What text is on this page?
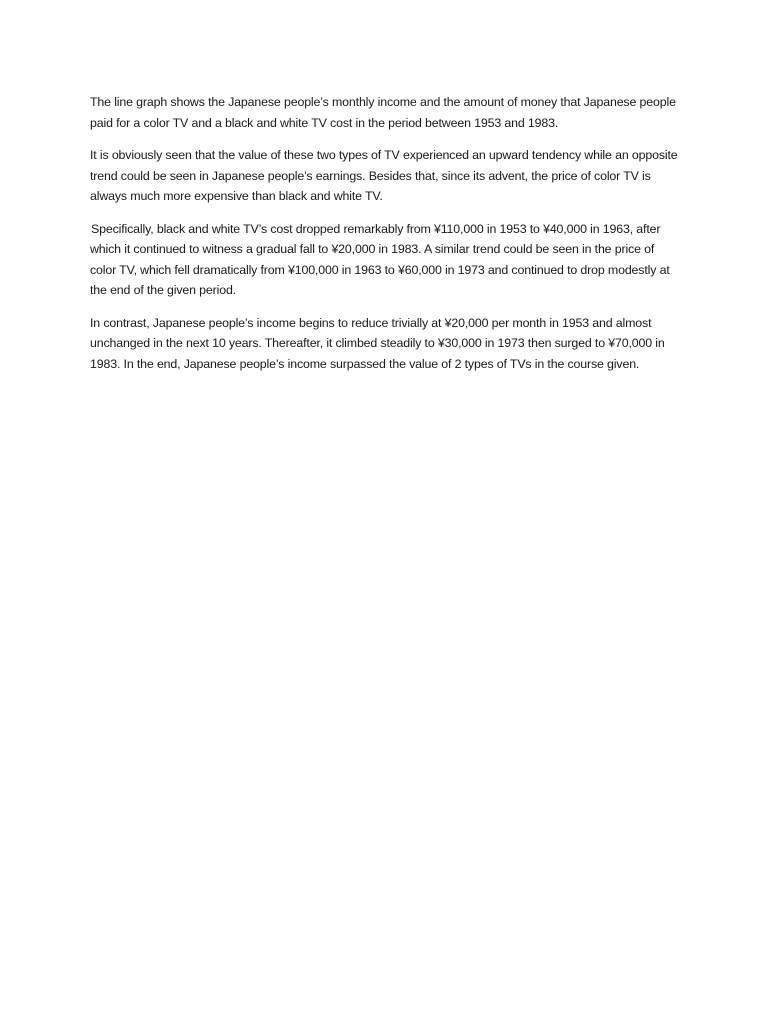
The line graph shows the Japanese people’s monthly income and the amount of money that Japanese people paid for a color TV and a black and white TV cost in the period between 1953 and 1983.

It is obviously seen that the value of these two types of TV experienced an upward tendency while an opposite trend could be seen in Japanese people’s earnings. Besides that, since its advent, the price of color TV is always much more expensive than black and white TV.

Specifically, black and white TV’s cost dropped remarkably from ¥110,000 in 1953 to ¥40,000 in 1963, after which it continued to witness a gradual fall to ¥20,000 in 1983. A similar trend could be seen in the price of color TV, which fell dramatically from ¥100,000 in 1963 to ¥60,000 in 1973 and continued to drop modestly at the end of the given period.

In contrast, Japanese people’s income begins to reduce trivially at ¥20,000 per month in 1953 and almost unchanged in the next 10 years. Thereafter, it climbed steadily to ¥30,000 in 1973 then surged to ¥70,000 in 1983. In the end, Japanese people’s income surpassed the value of 2 types of TVs in the course given.
